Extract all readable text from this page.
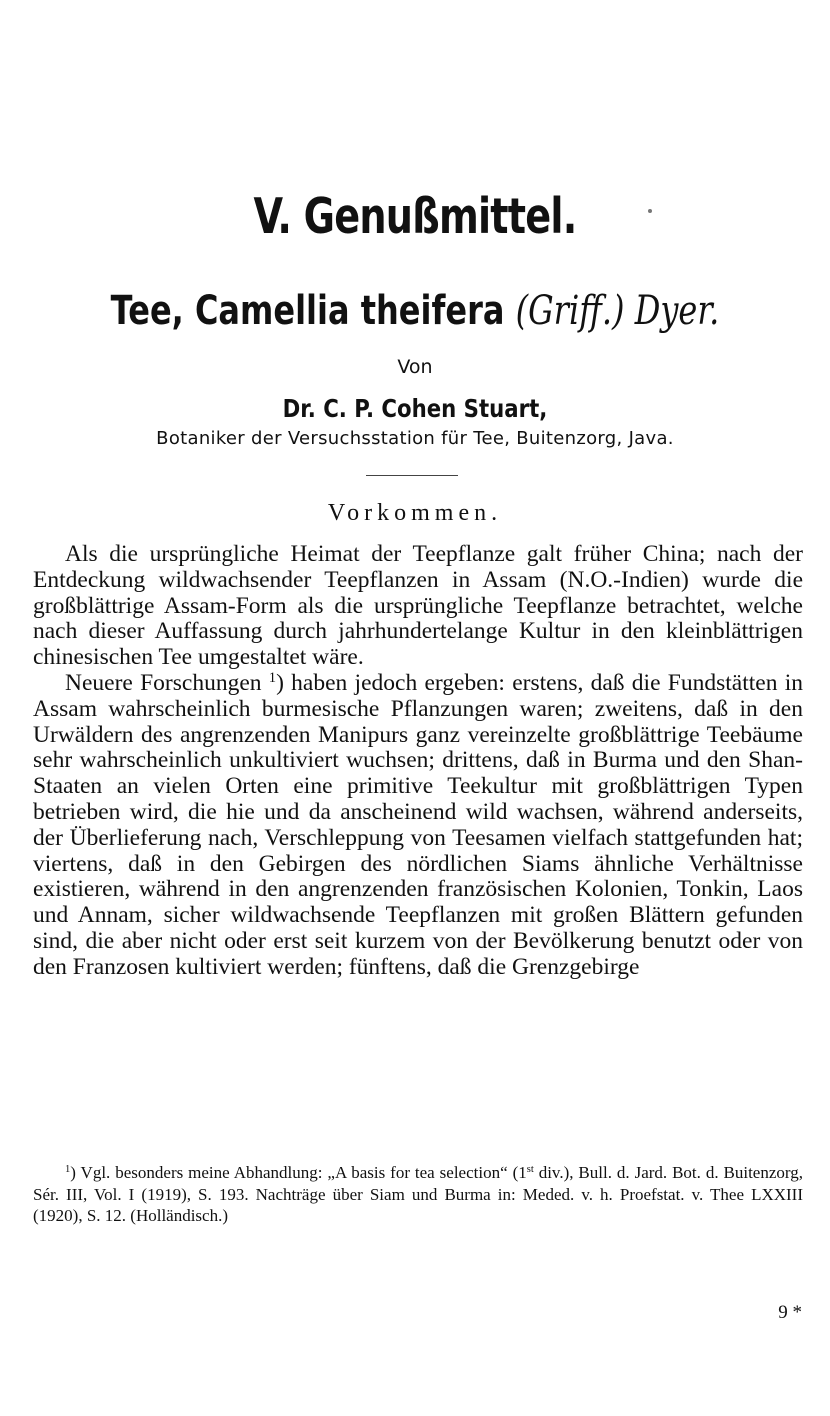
V. Genußmittel.
Tee, Camellia theifera (Griff.) Dyer.
Von
Dr. C. P. Cohen Stuart,
Botaniker der Versuchsstation für Tee, Buitenzorg, Java.
Vorkommen.

Als die ursprüngliche Heimat der Teepflanze galt früher China; nach der Entdeckung wildwachsender Teepflanzen in Assam (N.O.-Indien) wurde die großblättrige Assam-Form als die ursprüngliche Teepflanze betrachtet, welche nach dieser Auffassung durch jahrhundertelange Kultur in den kleinblättrigen chinesischen Tee umgestaltet wäre.

Neuere Forschungen $^1$) haben jedoch ergeben: erstens, daß die Fundstätten in Assam wahrscheinlich burmesische Pflanzungen waren; zweitens, daß in den Urwäldern des angrenzenden Manipurs ganz vereinzelte großblättrige Teebäume sehr wahrscheinlich unkultiviert wuchsen; drittens, daß in Burma und den Shan-Staaten an vielen Orten eine primitive Teekultur mit großblättrigen Typen betrieben wird, die hie und da anscheinend wild wachsen, während anderseits, der Überlieferung nach, Verschleppung von Teesamen vielfach stattgefunden hat; viertens, daß in den Gebirgen des nördlichen Siams ähnliche Verhältnisse existieren, während in den angrenzenden französischen Kolonien, Tonkin, Laos und Annam, sicher wildwachsende Teepflanzen mit großen Blättern gefunden sind, die aber nicht oder erst seit kurzem von der Bevölkerung benutzt oder von den Franzosen kultiviert werden; fünftens, daß die Grenzgebirge

$^1$) Vgl. besonders meine Abhandlung: „A basis for tea selection“ (1st div.), Bull. d. Jard. Bot. d. Buitenzorg, Sér. III, Vol. I (1919), S. 193. Nachträge über Siam und Burma in: Meded. v. h. Proefstat. v. Thee LXXIII (1920), S. 12. (Holländisch.)

9 *
